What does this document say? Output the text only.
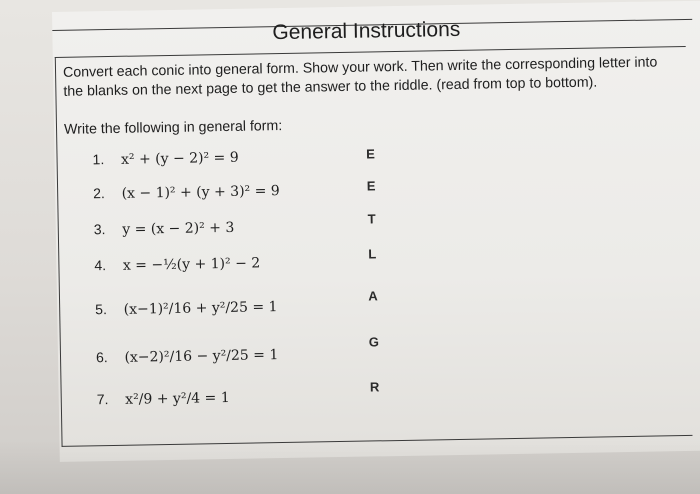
General Instructions
Convert each conic into general form. Show your work. Then write the corresponding letter into the blanks on the next page to get the answer to the riddle. (read from top to bottom).
Write the following in general form:
1. x² + (y − 2)² = 9	E
2. (x − 1)² + (y + 3)² = 9	E
3. y = (x − 2)² + 3
T
4. x = −½(y + 1)² − 2
L
5. (x−1)²/16 + y²/25 = 1
A
6. (x−2)²/16 − y²/25 = 1
G
7. x²/9 + y²/4 = 1
R
